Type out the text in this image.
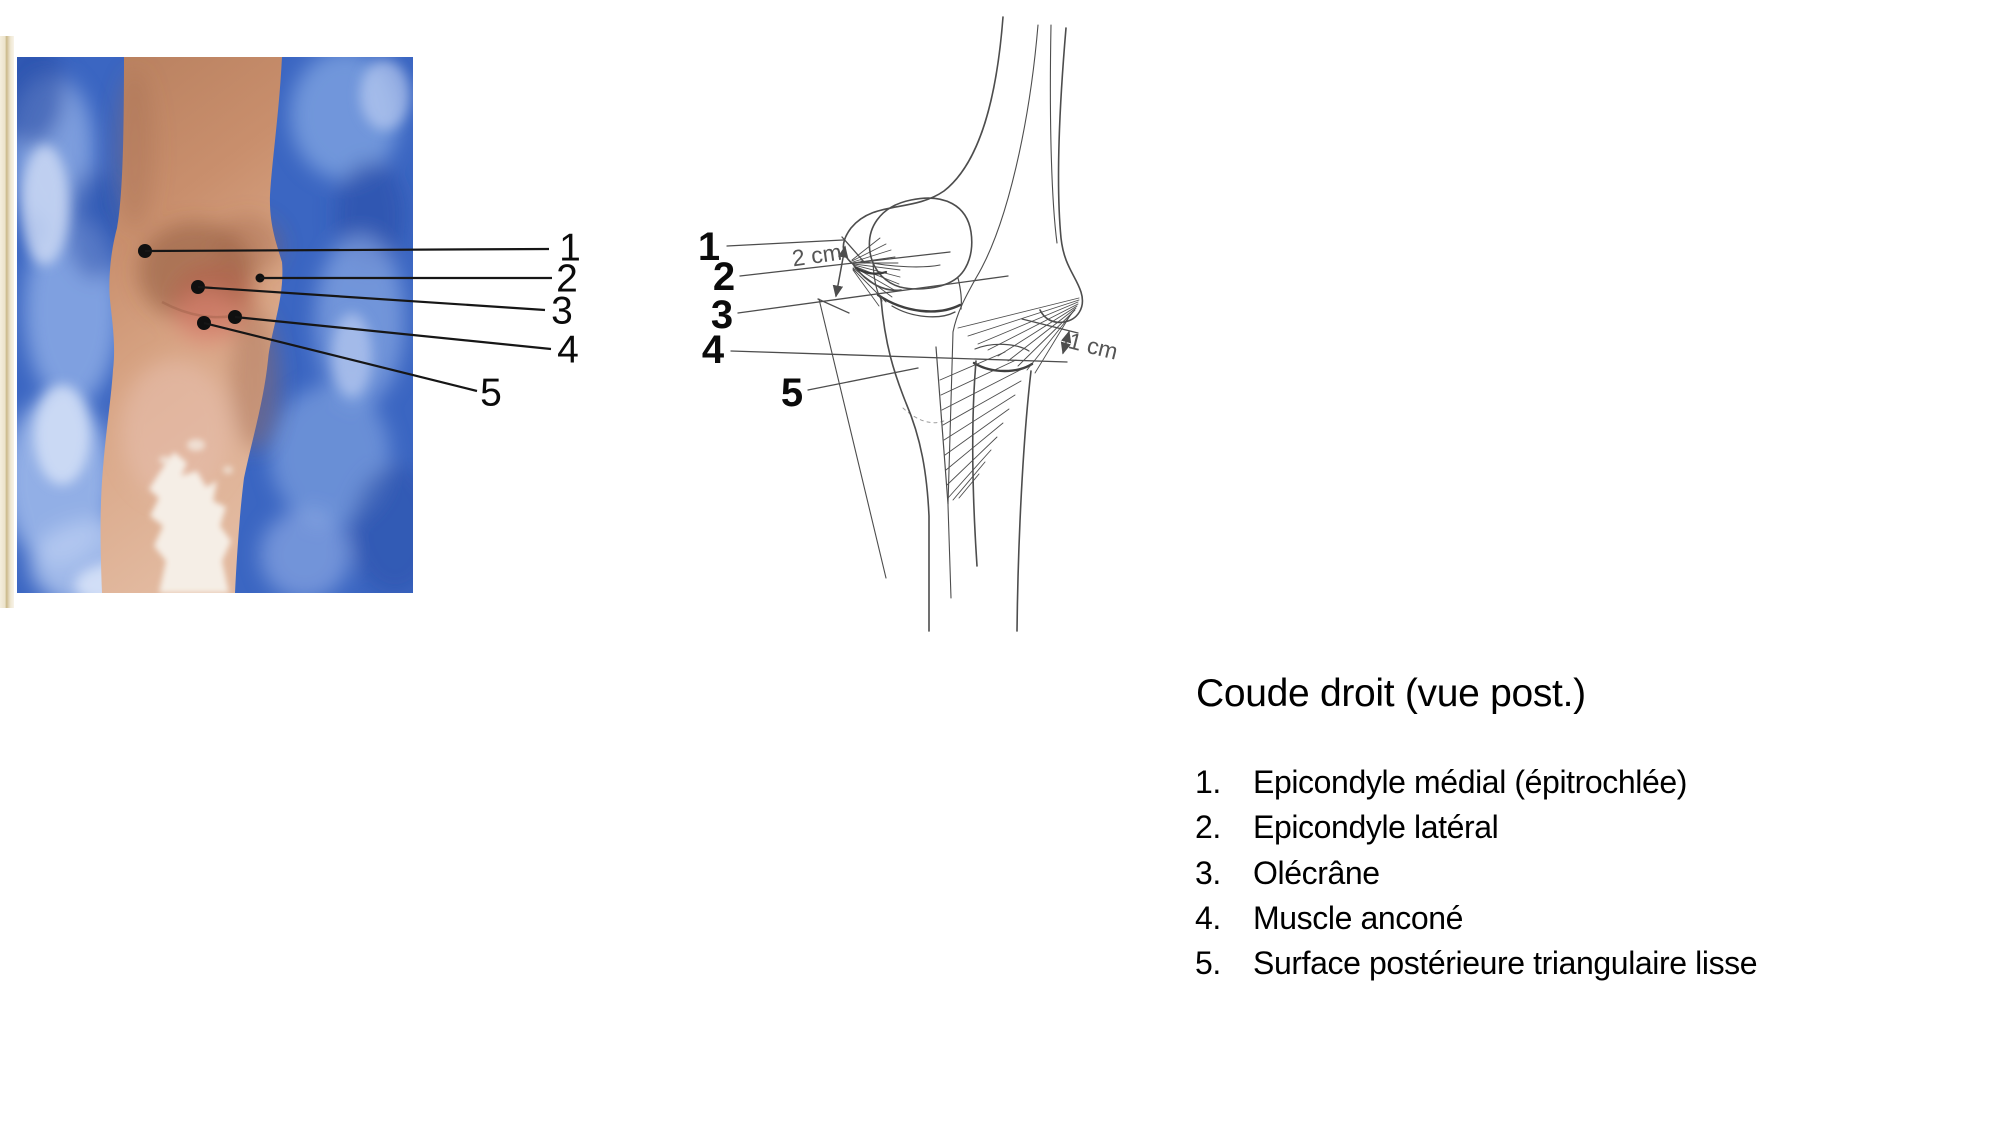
1
2
3
4
5
1
2
3
4
5
2 cm
1 cm
Coude droit (vue post.)
1.	Epicondyle médial (épitrochlée)
2.	Epicondyle latéral
3.	Olécrâne
4.	Muscle anconé
5.	Surface postérieure triangulaire lisse
